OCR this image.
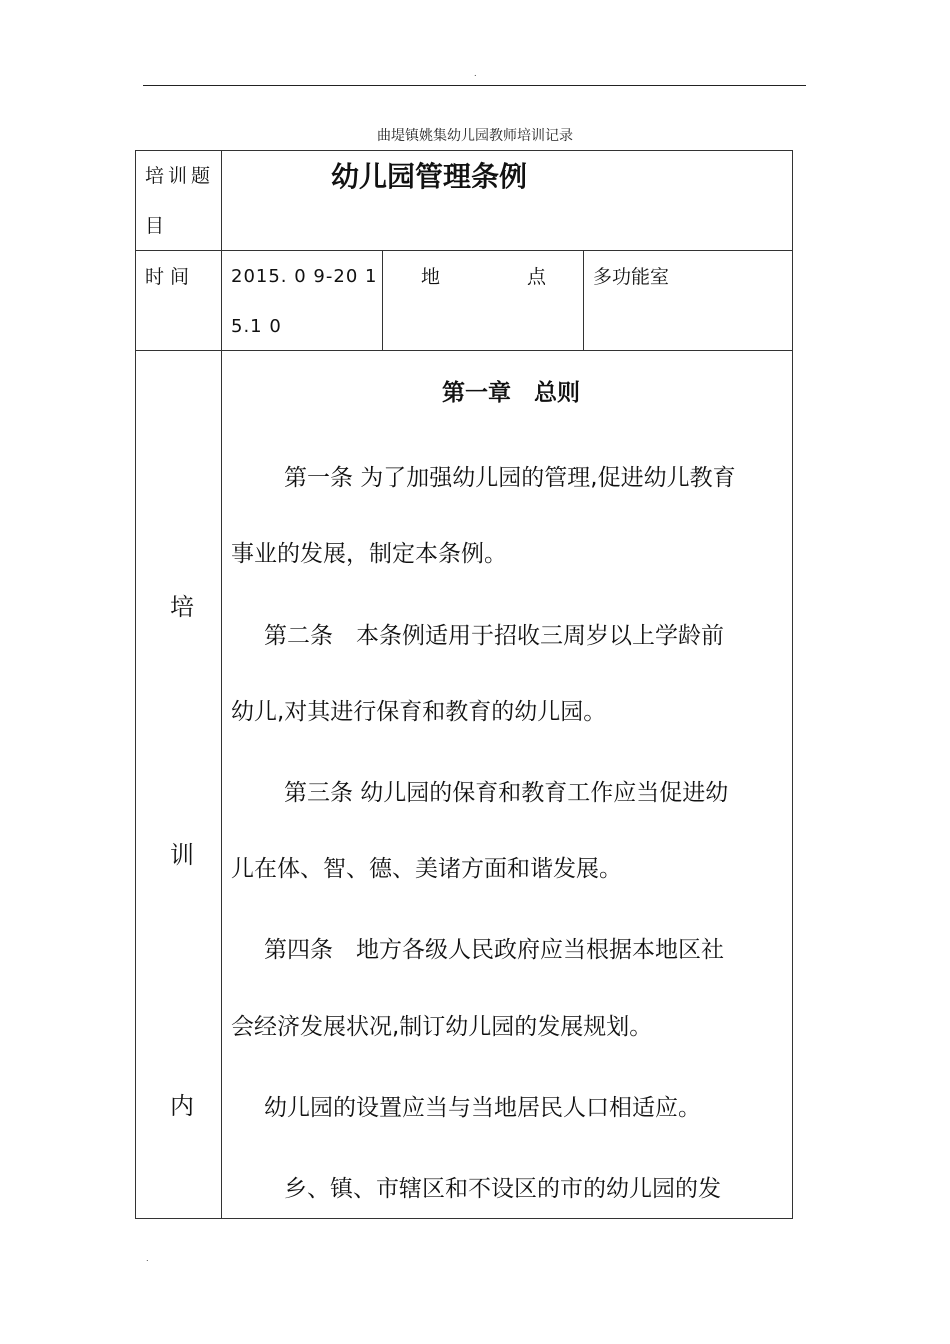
.
曲堤镇姚集幼儿园教师培训记录
培训题目
幼儿园管理条例
时间 2015. 0 9-20 1 5.1 0
地	点 多功能室
培
训
内
第一章　总则
　第一条 为了加强幼儿园的管理,促进幼儿教育
事业的发展，制定本条例。
第二条　本条例适用于招收三周岁以上学龄前
幼儿,对其进行保育和教育的幼儿园。
　第三条 幼儿园的保育和教育工作应当促进幼
儿在体、智、德、美诸方面和谐发展。
第四条　地方各级人民政府应当根据本地区社
会经济发展状况,制订幼儿园的发展规划。
幼儿园的设置应当与当地居民人口相适应。
　乡、镇、市辖区和不设区的市的幼儿园的发
.
